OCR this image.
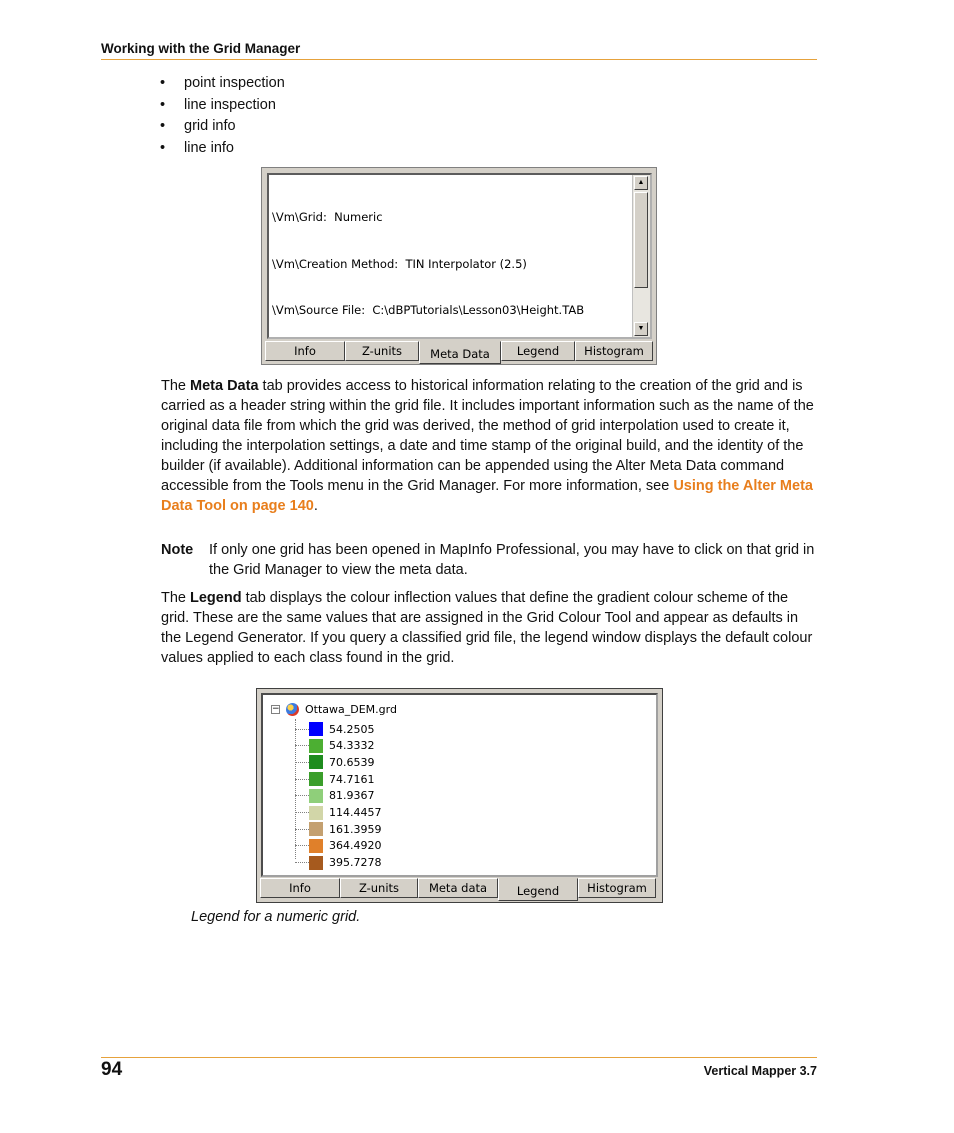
Working with the Grid Manager
• point inspection
• line inspection
• grid info
• line info

\Vm\Grid:  Numeric

\Vm\Creation Method:  TIN Interpolator (2.5)

\Vm\Source File:  C:\dBPTutorials\Lesson03\Height.TAB

▲
▼
Info	Z-units	Meta Data	Legend	Histogram

The Meta Data tab provides access to historical information relating to the creation of the grid and is carried as a header string within the grid file. It includes important information such as the name of the original data file from which the grid was derived, the method of grid interpolation used to create it, including the interpolation settings, a date and time stamp of the original build, and the identity of the builder (if available). Additional information can be appended using the Alter Meta Data command accessible from the Tools menu in the Grid Manager. For more information, see Using the Alter Meta Data Tool on page 140.

Note If only one grid has been opened in MapInfo Professional, you may have to click on that grid in the Grid Manager to view the meta data.

The Legend tab displays the colour inflection values that define the gradient colour scheme of the grid. These are the same values that are assigned in the Grid Colour Tool and appear as defaults in the Legend Generator. If you query a classified grid file, the legend window displays the default colour values applied to each class found in the grid.

− Ottawa_DEM.grd
54.2505
54.3332
70.6539
74.7161
81.9367
114.4457
161.3959
364.4920
395.7278
Info	Z-units	Meta data	Legend	Histogram
Legend for a numeric grid.
94	Vertical Mapper 3.7
